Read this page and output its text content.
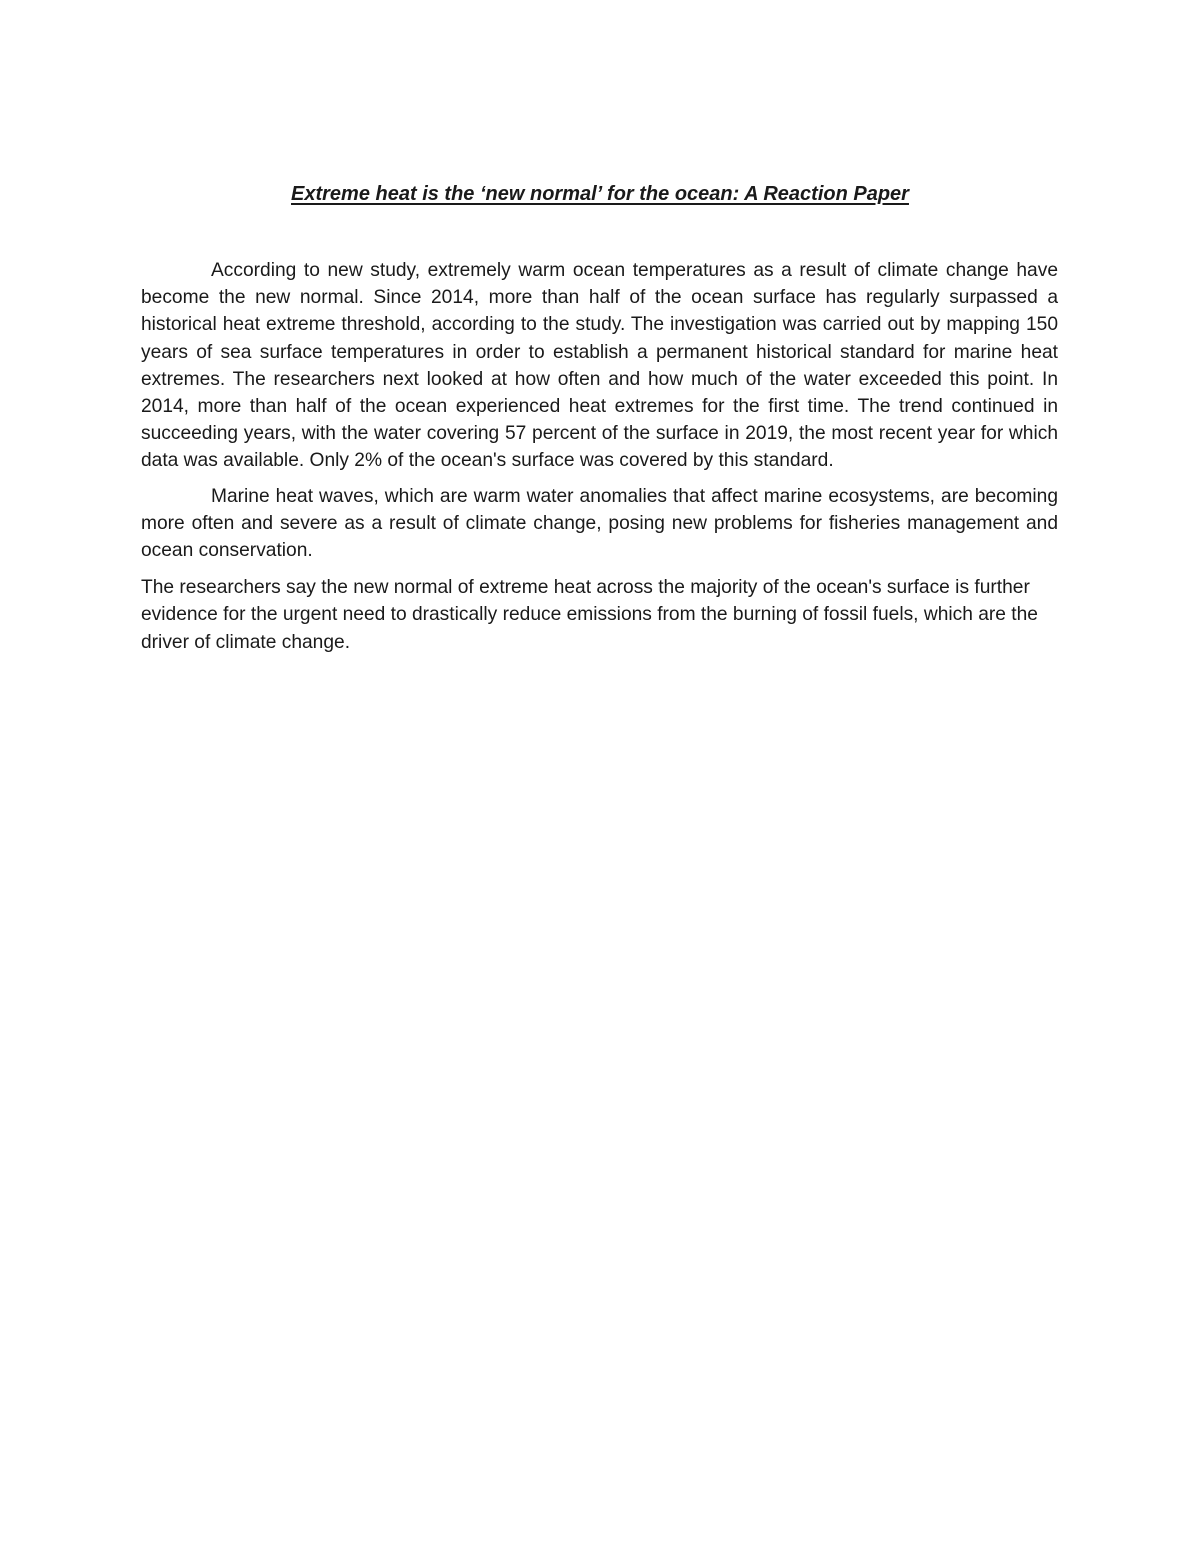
Extreme heat is the ‘new normal’ for the ocean: A Reaction Paper

According to new study, extremely warm ocean temperatures as a result of climate change have become the new normal. Since 2014, more than half of the ocean surface has regularly surpassed a historical heat extreme threshold, according to the study. The investigation was carried out by mapping 150 years of sea surface temperatures in order to establish a permanent historical standard for marine heat extremes. The researchers next looked at how often and how much of the water exceeded this point. In 2014, more than half of the ocean experienced heat extremes for the first time. The trend continued in succeeding years, with the water covering 57 percent of the surface in 2019, the most recent year for which data was available. Only 2% of the ocean's surface was covered by this standard.

Marine heat waves, which are warm water anomalies that affect marine ecosystems, are becoming more often and severe as a result of climate change, posing new problems for fisheries management and ocean conservation.

The researchers say the new normal of extreme heat across the majority of the ocean's surface is further evidence for the urgent need to drastically reduce emissions from the burning of fossil fuels, which are the driver of climate change.
